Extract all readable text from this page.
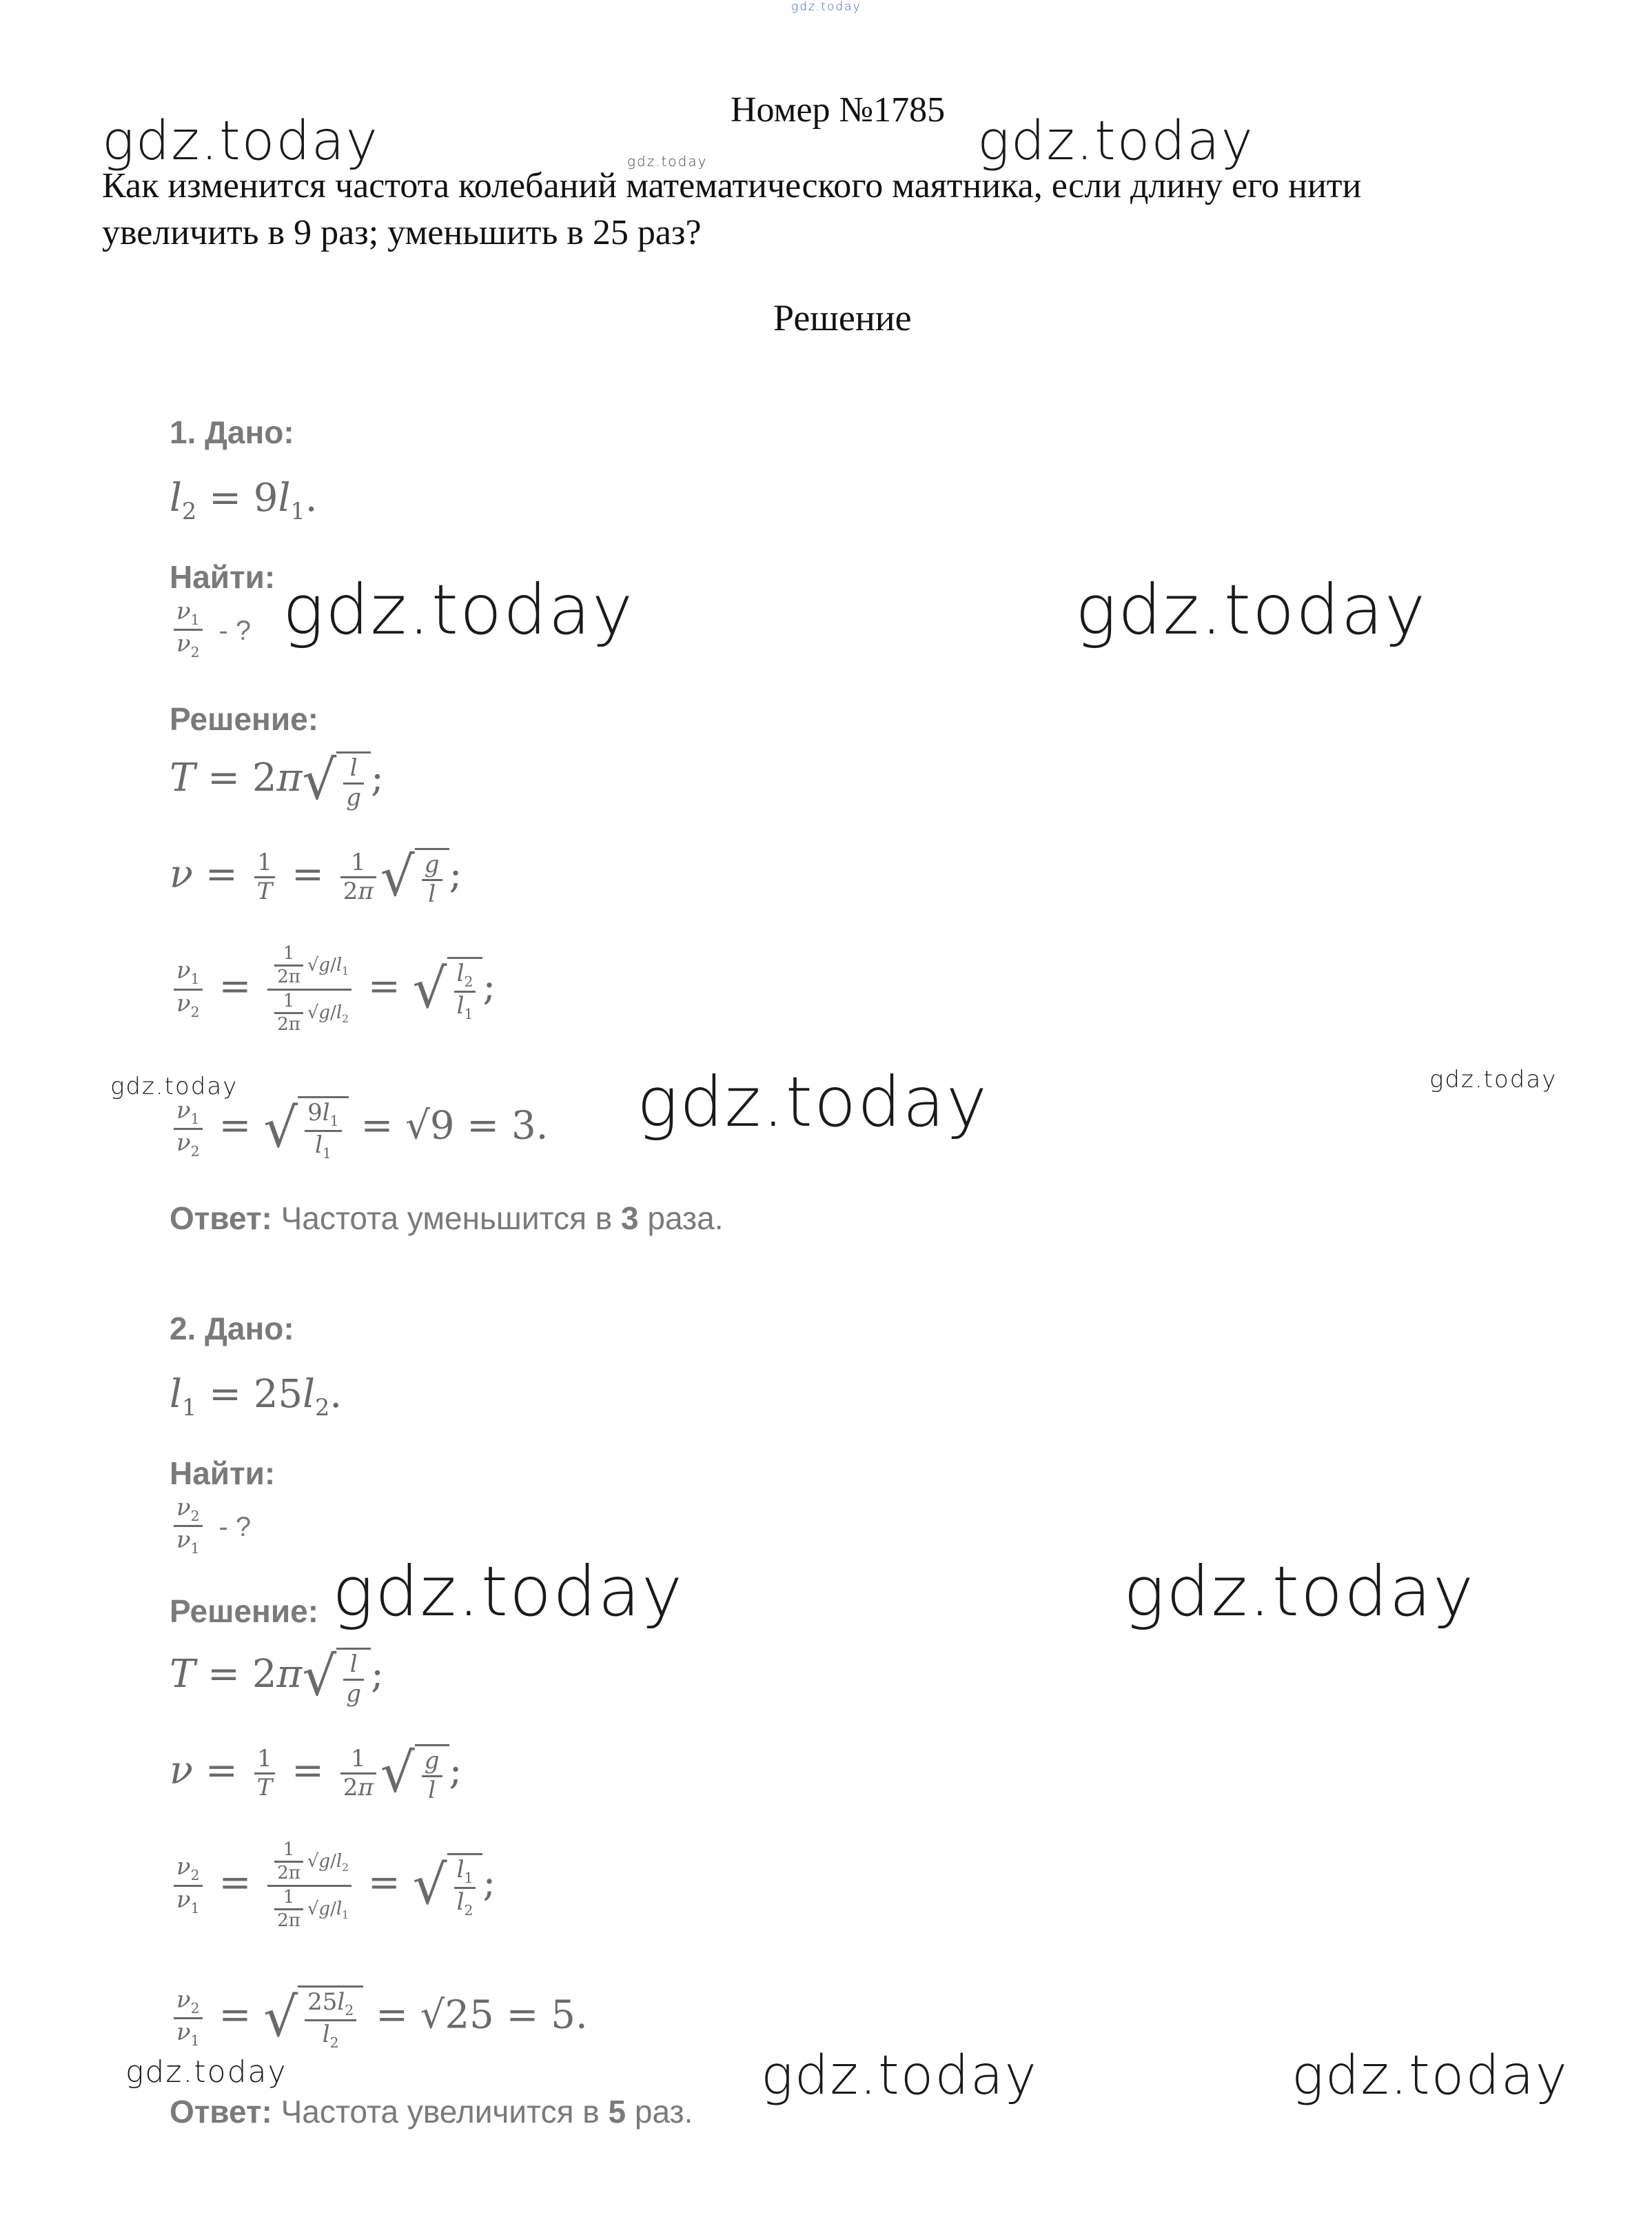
gdz.today
Номер №1785
gdz.today	gdz.today	gdz.today
Как изменится частота колебаний математического маятника, если длину его нити
увеличить в 9 раз; уменьшить в 25 раз?
Решение
1. Дано:
$l_2 = 9l_1$.
Найти:
$\frac{\nu_1}{\nu_2}$ - ? gdz.today	gdz.today
Решение:
$T = 2\pi√ \frac{l}{g}$ ;
$\nu = \frac{1}{T} = \frac{1}{2\pi}$ √ $\frac{g}{l}$ ;
$\frac{\nu_1}{\nu_2} = \frac{\frac{1}{2\pi} √g/l_1}{\frac{1}{2\pi} √g/l_2}$ = √ $\frac{l_2}{l_1}$ ;
gdz.today	gdz.today
$\frac{\nu_1}{\nu_2}$ = √ $\frac{9l_1}{l_1} = √9 = 3$. gdz.today
Ответ: Частота уменьшится в 3 раза.
2. Дано:
$l_1 = 25l_2$.
Найти:
$\frac{\nu_2}{\nu_1}$ - ?
gdz.today	gdz.today
Решение:
$T = 2\pi√ \frac{l}{g}$ ;
$\nu = \frac{1}{T} = \frac{1}{2\pi}$ √ $\frac{g}{l}$ ;
$\frac{\nu_2}{\nu_1} = \frac{\frac{1}{2\pi} √g/l_2}{\frac{1}{2\pi} √g/l_1}$ = √ $\frac{l_1}{l_2}$ ;
$\frac{\nu_2}{\nu_1}$ = √ $\frac{25l_2}{l_2} = √25 = 5$.
gdz.today	gdz.today	gdz.today
Ответ: Частота увеличится в 5 раз.
